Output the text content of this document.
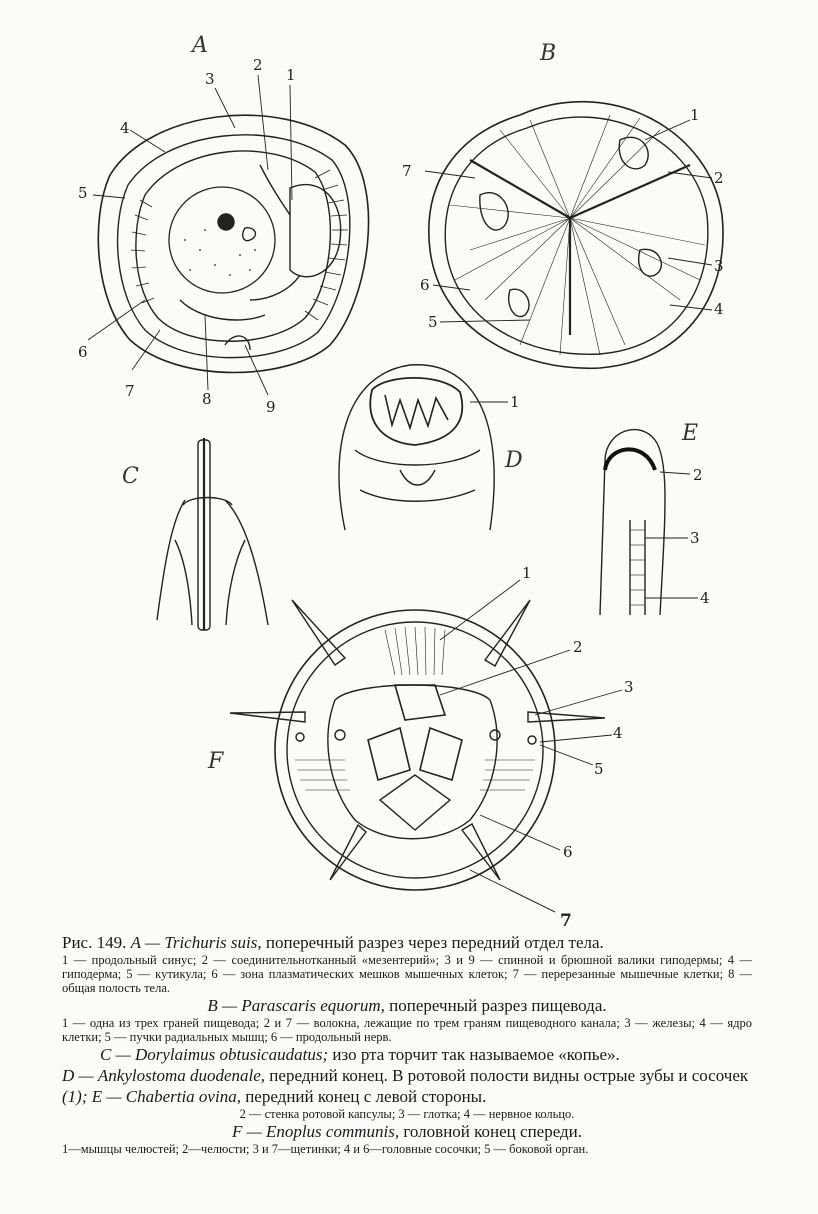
A	B
C
D
E
F
1
2
3
4
5
6
7	8	9
1
2
3
4
5
6
7
1
2
3
4
1
2
3
4
5
6
7

Рис. 149. A — Trichuris suis, поперечный разрез через передний отдел тела.

1 — продольный синус; 2 — соединительнотканный «мезентерий»; 3 и 9 — спинной и брюшной валики гиподермы; 4 — гиподерма; 5 — кутикула; 6 — зона плазматических мешков мышечных клеток; 7 — перерезанные мышечные клетки; 8 — общая полость тела.

B — Parascaris equorum, поперечный разрез пищевода.

1 — одна из трех граней пищевода; 2 и 7 — волокна, лежащие по трем граням пищеводного канала; 3 — железы; 4 — ядро клетки; 5 — пучки радиальных мышц; 6 — продольный нерв.

C — Dorylaimus obtusicaudatus; изо рта торчит так называемое «копье».

D — Ankylostoma duodenale, передний конец. В ротовой полости видны острые зубы и сосочек (1); E — Chabertia ovina, передний конец с левой стороны.

2 — стенка ротовой капсулы; 3 — глотка; 4 — нервное кольцо.

F — Enoplus communis, головной конец спереди.

1—мышцы челюстей; 2—челюсти; 3 и 7—щетинки; 4 и 6—головные сосочки; 5 — боковой орган.
